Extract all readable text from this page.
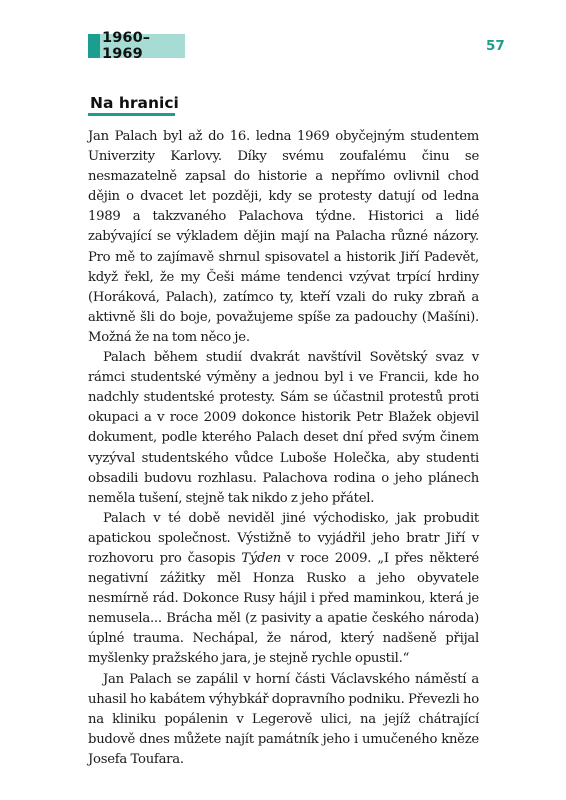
1960–1969	57
Na hranici

Jan Palach byl až do 16. ledna 1969 obyčejným studentem Univerzity Karlovy. Díky svému zoufalému činu se nesmazatelně zapsal do historie a nepřímo ovlivnil chod dějin o dvacet let později, kdy se protesty datují od ledna 1989 a takzvaného Palachova týdne. Historici a lidé zabývající se výkladem dějin mají na Palacha různé názory. Pro mě to zajímavě shrnul spisovatel a historik Jiří Padevět, když řekl, že my Češi máme tendenci vzývat trpící hrdiny (Horáková, Palach), zatímco ty, kteří vzali do ruky zbraň a aktivně šli do boje, považujeme spíše za padouchy (Mašíni). Možná že na tom něco je.

Palach během studií dvakrát navštívil Sovětský svaz v rámci studentské výměny a jednou byl i ve Francii, kde ho nadchly studentské protesty. Sám se účastnil protestů proti okupaci a v roce 2009 dokonce historik Petr Blažek objevil dokument, podle kterého Palach deset dní před svým činem vyzýval studentského vůdce Luboše Holečka, aby studenti obsadili budovu rozhlasu. Palachova rodina o jeho plánech neměla tušení, stejně tak nikdo z jeho přátel.

Palach v té době neviděl jiné východisko, jak probudit apatickou společnost. Výstižně to vyjádřil jeho bratr Jiří v rozhovoru pro časopis Týden v roce 2009. „I přes některé negativní zážitky měl Honza Rusko a jeho obyvatele nesmírně rád. Dokonce Rusy hájil i před maminkou, která je nemusela... Brácha měl (z pasivity a apatie českého národa) úplné trauma. Nechápal, že národ, který nadšeně přijal myšlenky pražského jara, je stejně rychle opustil.“

Jan Palach se zapálil v horní části Václavského náměstí a uhasil ho kabátem výhybkář dopravního podniku. Převezli ho na kliniku popálenin v Legerově ulici, na jejíž chátrající budově dnes můžete najít památník jeho i umučeného kněze Josefa Toufara.
